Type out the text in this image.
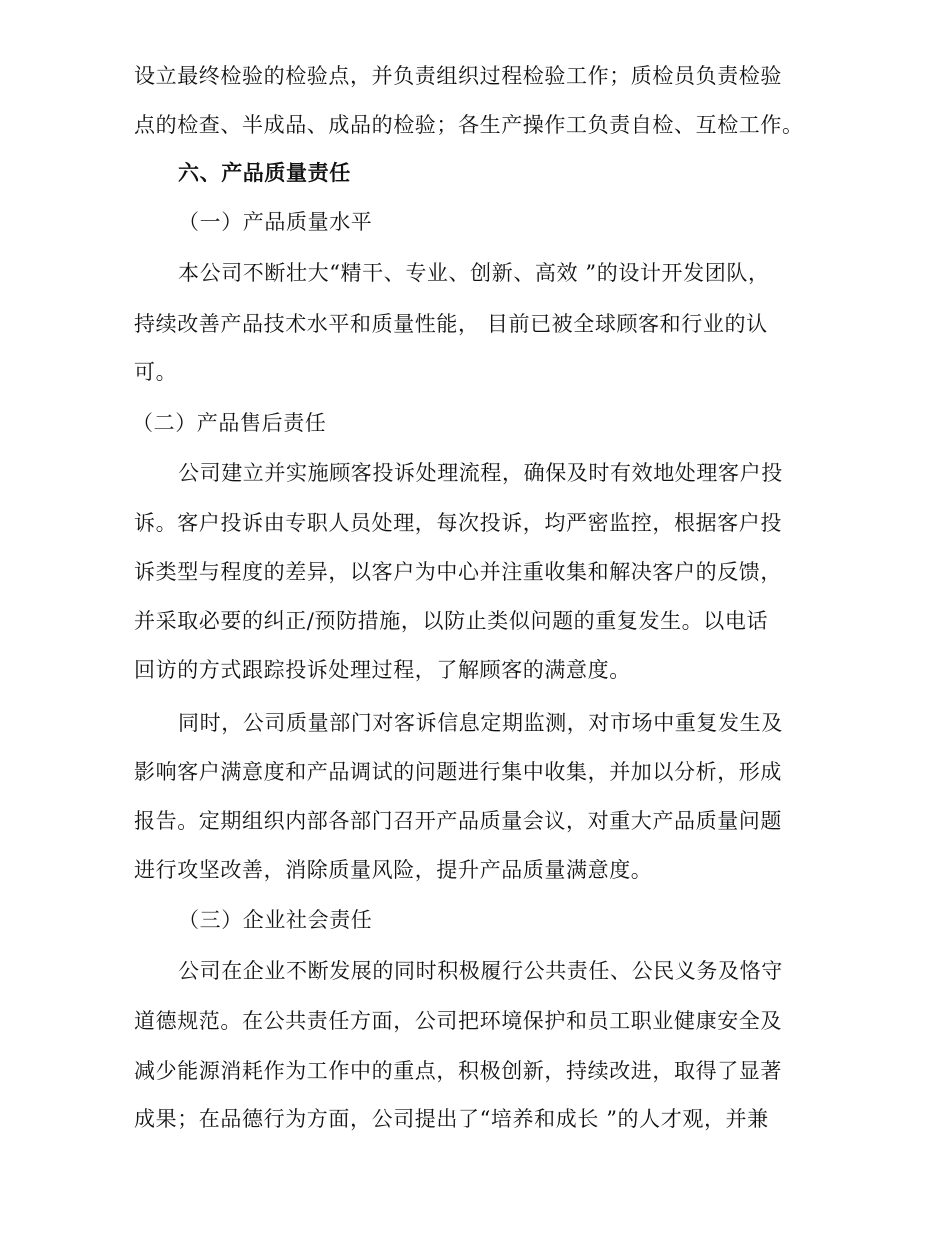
设立最终检验的检验点，并负责组织过程检验工作；质检员负责检验
点的检查、半成品、成品的检验；各生产操作工负责自检、互检工作。
六、产品质量责任
（一）产品质量水平
本公司不断壮大“精干、专业、创新、高效 ”的设计开发团队，
持续改善产品技术水平和质量性能， 目前已被全球顾客和行业的认
可。
（二）产品售后责任
公司建立并实施顾客投诉处理流程，确保及时有效地处理客户投
诉。客户投诉由专职人员处理，每次投诉，均严密监控，根据客户投
诉类型与程度的差异，以客户为中心并注重收集和解决客户的反馈，
并采取必要的纠正/预防措施，以防止类似问题的重复发生。以电话
回访的方式跟踪投诉处理过程，了解顾客的满意度。
同时，公司质量部门对客诉信息定期监测，对市场中重复发生及
影响客户满意度和产品调试的问题进行集中收集，并加以分析，形成
报告。定期组织内部各部门召开产品质量会议，对重大产品质量问题
进行攻坚改善，消除质量风险，提升产品质量满意度。
（三）企业社会责任
公司在企业不断发展的同时积极履行公共责任、公民义务及恪守
道德规范。在公共责任方面，公司把环境保护和员工职业健康安全及
减少能源消耗作为工作中的重点，积极创新，持续改进，取得了显著
成果；在品德行为方面，公司提出了“培养和成长 ”的人才观，并兼
